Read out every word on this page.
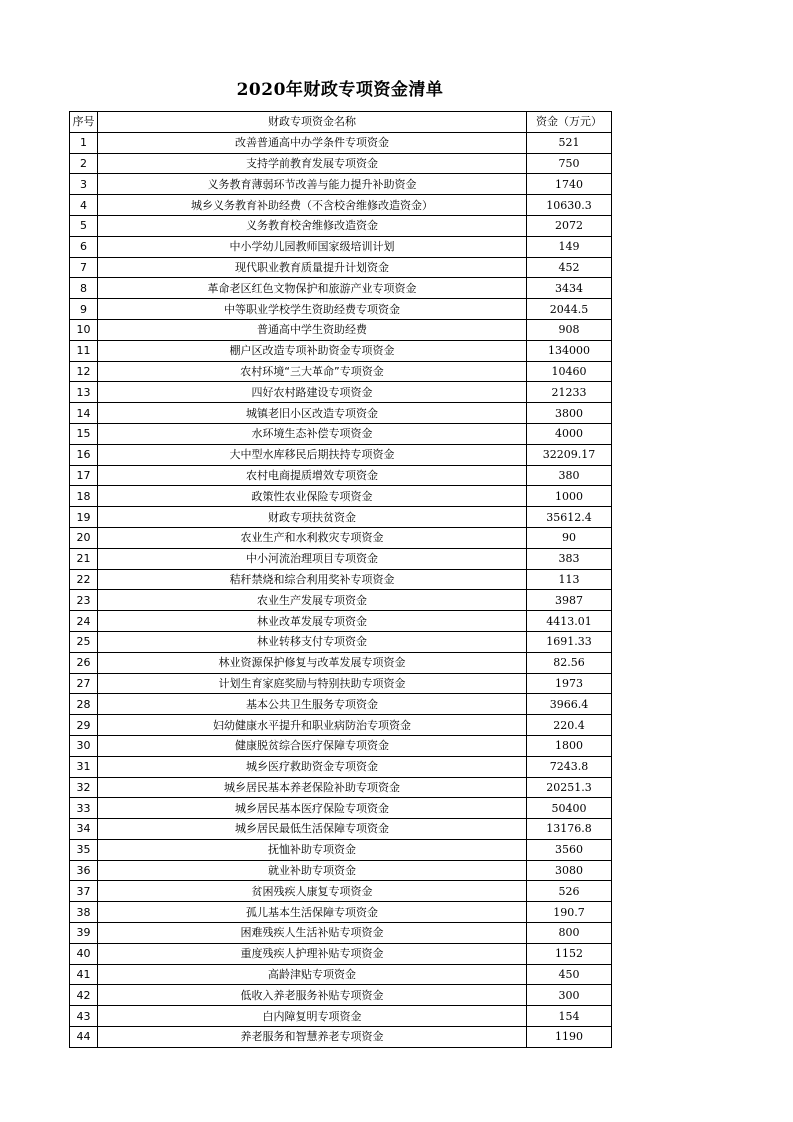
2020年财政专项资金清单
序号	财政专项资金名称	资金（万元）
1	改善普通高中办学条件专项资金	521
2	支持学前教育发展专项资金	750
3	义务教育薄弱环节改善与能力提升补助资金	1740
4	城乡义务教育补助经费（不含校舍维修改造资金）	10630.3
5	义务教育校舍维修改造资金	2072
6	中小学幼儿园教师国家级培训计划	149
7	现代职业教育质量提升计划资金	452
8	革命老区红色文物保护和旅游产业专项资金	3434
9	中等职业学校学生资助经费专项资金	2044.5
10	普通高中学生资助经费	908
11	棚户区改造专项补助资金专项资金	134000
12	农村环境“三大革命”专项资金	10460
13	四好农村路建设专项资金	21233
14	城镇老旧小区改造专项资金	3800
15	水环境生态补偿专项资金	4000
16	大中型水库移民后期扶持专项资金	32209.17
17	农村电商提质增效专项资金	380
18	政策性农业保险专项资金	1000
19	财政专项扶贫资金	35612.4
20	农业生产和水利救灾专项资金	90
21	中小河流治理项目专项资金	383
22	秸秆禁烧和综合利用奖补专项资金	113
23	农业生产发展专项资金	3987
24	林业改革发展专项资金	4413.01
25	林业转移支付专项资金	1691.33
26	林业资源保护修复与改革发展专项资金	82.56
27	计划生育家庭奖励与特别扶助专项资金	1973
28	基本公共卫生服务专项资金	3966.4
29	妇幼健康水平提升和职业病防治专项资金	220.4
30	健康脱贫综合医疗保障专项资金	1800
31	城乡医疗救助资金专项资金	7243.8
32	城乡居民基本养老保险补助专项资金	20251.3
33	城乡居民基本医疗保险专项资金	50400
34	城乡居民最低生活保障专项资金	13176.8
35	抚恤补助专项资金	3560
36	就业补助专项资金	3080
37	贫困残疾人康复专项资金	526
38	孤儿基本生活保障专项资金	190.7
39	困难残疾人生活补贴专项资金	800
40	重度残疾人护理补贴专项资金	1152
41	高龄津贴专项资金	450
42	低收入养老服务补贴专项资金	300
43	白内障复明专项资金	154
44	养老服务和智慧养老专项资金	1190
